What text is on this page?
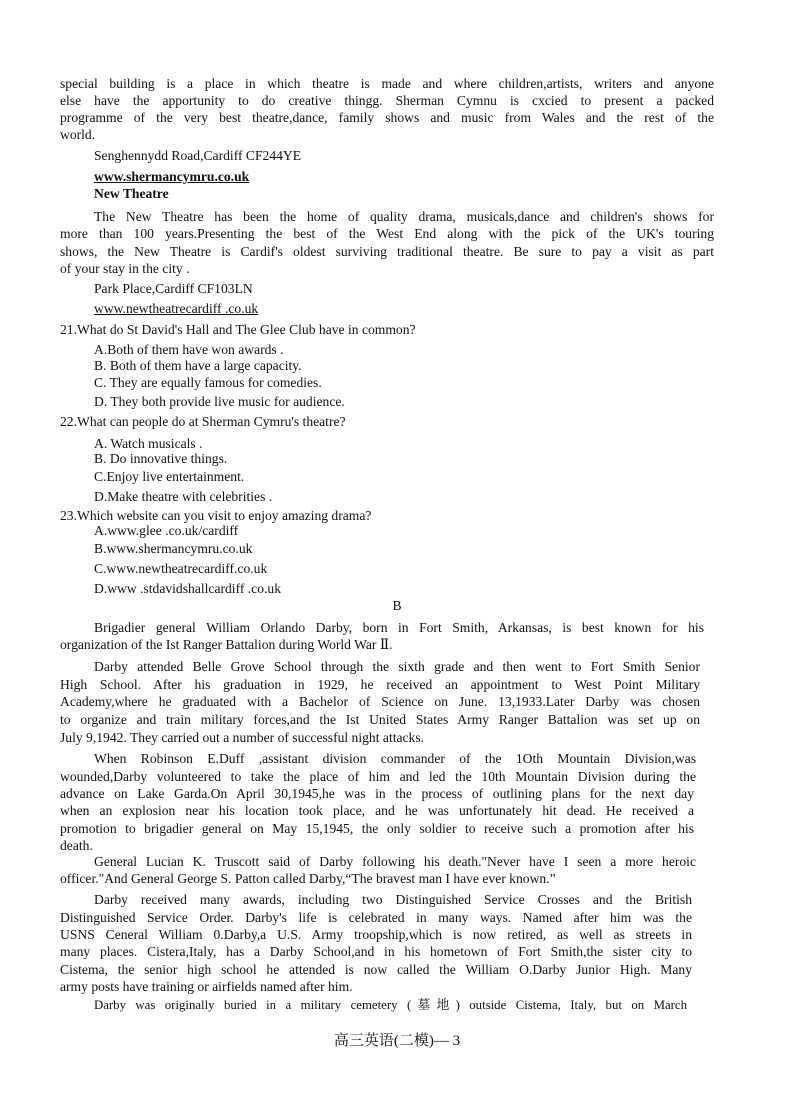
special building is a place in which theatre is made and where children,artists, writers and anyone
else have the apportunity to do creative thingg. Sherman Cymnu is cxcied to present a packed
programme of the very best theatre,dance, family shows and music from Wales and the rest of the
world.
Senghennydd Road,Cardiff CF244YE
www.shermancymru.co.uk
New Theatre
The New Theatre has been the home of quality drama, musicals,dance and children's shows for
more than 100 years.Presenting the best of the West End along with the pick of the UK's touring
shows, the New Theatre is Cardif's oldest surviving traditional theatre. Be sure to pay a visit as part
of your stay in the city .
Park Place,Cardiff CF103LN
www.newtheatrecardiff .co.uk
21.What do St David's Hall and The Glee Club have in common?
A.Both of them have won awards .
B. Both of them have a large capacity.
C. They are equally famous for comedies.
D. They both provide live music for audience.
22.What can people do at Sherman Cymru's theatre?
A. Watch musicals .
B. Do innovative things.
C.Enjoy live entertainment.
D.Make theatre with celebrities .
23.Which website can you visit to enjoy amazing drama?
A.www.glee .co.uk/cardiff
B.www.shermancymru.co.uk
C.www.newtheatrecardiff.co.uk
D.www .stdavidshallcardiff .co.uk
B
Brigadier general William Orlando Darby, born in Fort Smith, Arkansas, is best known for his
organization of the Ist Ranger Battalion during World War Ⅱ.
Darby attended Belle Grove School through the sixth grade and then went to Fort Smith Senior
High School. After his graduation in 1929, he received an appointment to West Point Military
Academy,where he graduated with a Bachelor of Science on June. 13,1933.Later Darby was chosen
to organize and train military forces,and the Ist United States Army Ranger Battalion was set up on
July 9,1942. They carried out a number of successful night attacks.
When Robinson E.Duff ,assistant division commander of the 1Oth Mountain Division,was
wounded,Darby volunteered to take the place of him and led the 10th Mountain Division during the
advance on Lake Garda.On April 30,1945,he was in the process of outlining plans for the next day
when an explosion near his location took place, and he was unfortunately hit dead. He received a
promotion to brigadier general on May 15,1945, the only soldier to receive such a promotion after his
death.
General Lucian K. Truscott said of Darby following his death."Never have I seen a more heroic
officer."And General George S. Patton called Darby,“The bravest man I have ever known.”
Darby received many awards, including two Distinguished Service Crosses and the British
Distinguished Service Order. Darby's life is celebrated in many ways. Named after him was the
USNS Ceneral William 0.Darby,a U.S. Army troopship,which is now retired, as well as streets in
many places. Cistera,Italy, has a Darby School,and in his hometown of Fort Smith,the sister city to
Cistema, the senior high school he attended is now called the William O.Darby Junior High. Many
army posts have training or airfields named after him.
Darby was originally buried in a military cemetery (墓地) outside Cistema, Italy, but on March
高三英语(二模)— 3
